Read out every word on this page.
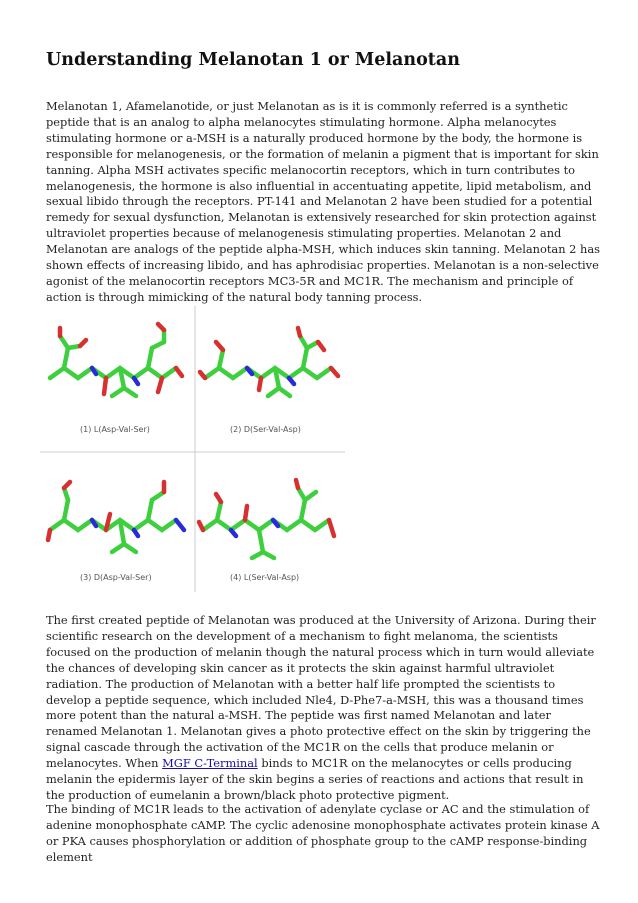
Understanding Melanotan 1 or Melanotan

Melanotan 1, Afamelanotide, or just Melanotan as is it is commonly referred is a synthetic peptide that is an analog to alpha melanocytes stimulating hormone. Alpha melanocytes stimulating hormone or a-MSH is a naturally produced hormone by the body, the hormone is responsible for melanogenesis, or the formation of melanin a pigment that is important for skin tanning. Alpha MSH activates specific melanocortin receptors, which in turn contributes to melanogenesis, the hormone is also influential in accentuating appetite, lipid metabolism, and sexual libido through the receptors. PT-141 and Melanotan 2 have been studied for a potential remedy for sexual dysfunction, Melanotan is extensively researched for skin protection against ultraviolet properties because of melanogenesis stimulating properties. Melanotan 2 and Melanotan are analogs of the peptide alpha-MSH, which induces skin tanning. Melanotan 2 has shown effects of increasing libido, and has aphrodisiac properties. Melanotan is a non-selective agonist of the melanocortin receptors MC3-5R and MC1R. The mechanism and principle of action is through mimicking of the natural body tanning process.

(1) L(Asp-Val-Ser)	(2) D(Ser-Val-Asp)
(3) D(Asp-Val-Ser)	(4) L(Ser-Val-Asp)

The first created peptide of Melanotan was produced at the University of Arizona. During their scientific research on the development of a mechanism to fight melanoma, the scientists focused on the production of melanin though the natural process which in turn would alleviate the chances of developing skin cancer as it protects the skin against harmful ultraviolet radiation. The production of Melanotan with a better half life prompted the scientists to develop a peptide sequence, which included Nle4, D-Phe7-a-MSH, this was a thousand times more potent than the natural a-MSH. The peptide was first named Melanotan and later renamed Melanotan 1. Melanotan gives a photo protective effect on the skin by triggering the signal cascade through the activation of the MC1R on the cells that produce melanin or melanocytes. When MGF C-Terminal binds to MC1R on the melanocytes or cells producing melanin the epidermis layer of the skin begins a series of reactions and actions that result in the production of eumelanin a brown/black photo protective pigment.

The binding of MC1R leads to the activation of adenylate cyclase or AC and the stimulation of adenine monophosphate cAMP. The cyclic adenosine monophosphate activates protein kinase A or PKA causes phosphorylation or addition of phosphate group to the cAMP response-binding element
